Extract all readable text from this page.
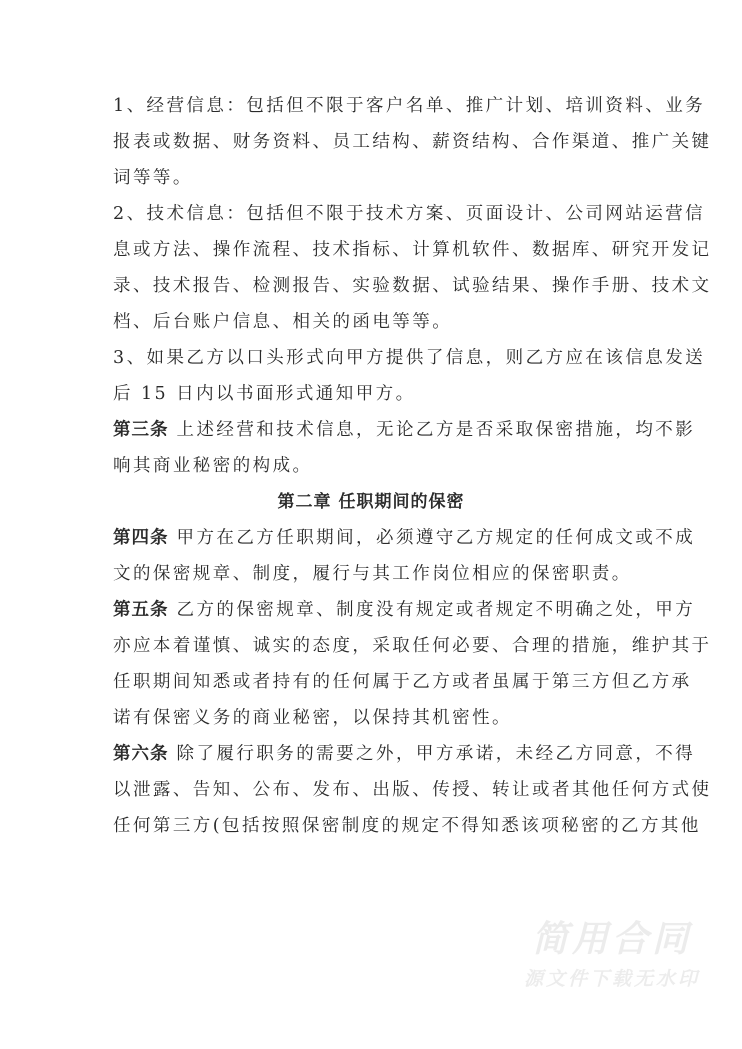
1、经营信息：包括但不限于客户名单、推广计划、培训资料、业务
报表或数据、财务资料、员工结构、薪资结构、合作渠道、推广关键
词等等。
2、技术信息：包括但不限于技术方案、页面设计、公司网站运营信
息或方法、操作流程、技术指标、计算机软件、数据库、研究开发记
录、技术报告、检测报告、实验数据、试验结果、操作手册、技术文
档、后台账户信息、相关的函电等等。
3、如果乙方以口头形式向甲方提供了信息，则乙方应在该信息发送
后 15 日内以书面形式通知甲方。
第三条 上述经营和技术信息，无论乙方是否采取保密措施，均不影
响其商业秘密的构成。
第二章 任职期间的保密
第四条 甲方在乙方任职期间，必须遵守乙方规定的任何成文或不成
文的保密规章、制度，履行与其工作岗位相应的保密职责。
第五条 乙方的保密规章、制度没有规定或者规定不明确之处，甲方
亦应本着谨慎、诚实的态度，采取任何必要、合理的措施，维护其于
任职期间知悉或者持有的任何属于乙方或者虽属于第三方但乙方承
诺有保密义务的商业秘密，以保持其机密性。
第六条 除了履行职务的需要之外，甲方承诺，未经乙方同意，不得
以泄露、告知、公布、发布、出版、传授、转让或者其他任何方式使
任何第三方(包括按照保密制度的规定不得知悉该项秘密的乙方其他
简用合同
源文件下载无水印
